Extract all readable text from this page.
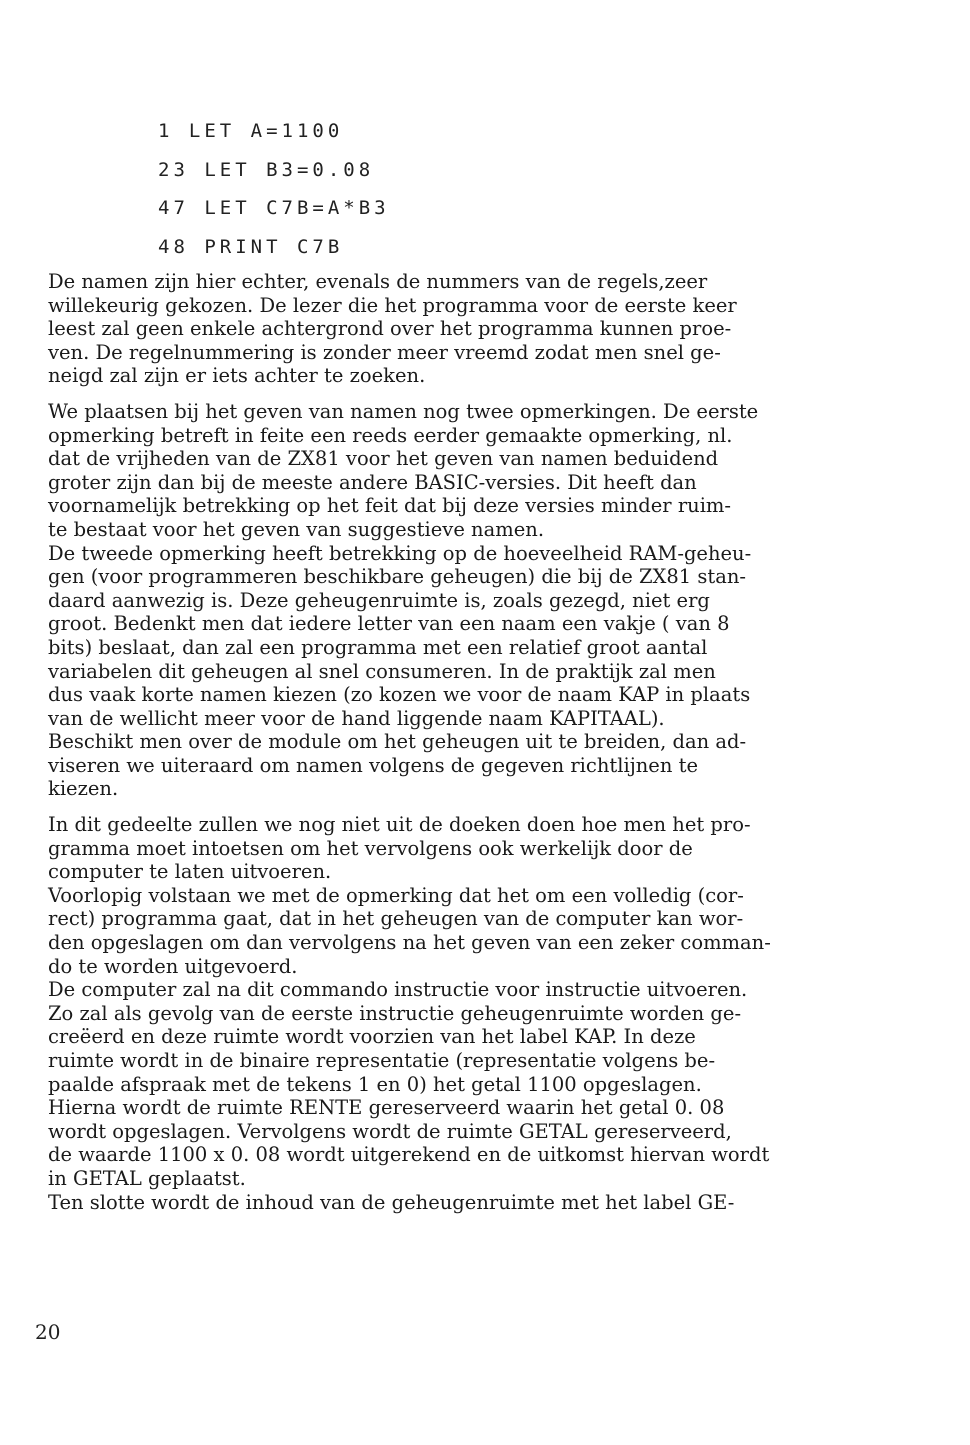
1 LET A=1100
23 LET B3=0.08
47 LET C7B=A*B3
48 PRINT C7B
De namen zijn hier echter, evenals de nummers van de regels,zeer
willekeurig gekozen. De lezer die het programma voor de eerste keer
leest zal geen enkele achtergrond over het programma kunnen proe-
ven. De regelnummering is zonder meer vreemd zodat men snel ge-
neigd zal zijn er iets achter te zoeken.
We plaatsen bij het geven van namen nog twee opmerkingen. De eerste
opmerking betreft in feite een reeds eerder gemaakte opmerking, nl.
dat de vrijheden van de ZX81 voor het geven van namen beduidend
groter zijn dan bij de meeste andere BASIC-versies. Dit heeft dan
voornamelijk betrekking op het feit dat bij deze versies minder ruim-
te bestaat voor het geven van suggestieve namen.
De tweede opmerking heeft betrekking op de hoeveelheid RAM-geheu-
gen (voor programmeren beschikbare geheugen) die bij de ZX81 stan-
daard aanwezig is. Deze geheugenruimte is, zoals gezegd, niet erg
groot. Bedenkt men dat iedere letter van een naam een vakje ( van 8
bits) beslaat, dan zal een programma met een relatief groot aantal
variabelen dit geheugen al snel consumeren. In de praktijk zal men
dus vaak korte namen kiezen (zo kozen we voor de naam KAP in plaats
van de wellicht meer voor de hand liggende naam KAPITAAL).
Beschikt men over de module om het geheugen uit te breiden, dan ad-
viseren we uiteraard om namen volgens de gegeven richtlijnen te
kiezen.
In dit gedeelte zullen we nog niet uit de doeken doen hoe men het pro-
gramma moet intoetsen om het vervolgens ook werkelijk door de
computer te laten uitvoeren.
Voorlopig volstaan we met de opmerking dat het om een volledig (cor-
rect) programma gaat, dat in het geheugen van de computer kan wor-
den opgeslagen om dan vervolgens na het geven van een zeker comman-
do te worden uitgevoerd.
De computer zal na dit commando instructie voor instructie uitvoeren.
Zo zal als gevolg van de eerste instructie geheugenruimte worden ge-
creëerd en deze ruimte wordt voorzien van het label KAP. In deze
ruimte wordt in de binaire representatie (representatie volgens be-
paalde afspraak met de tekens 1 en 0) het getal 1100 opgeslagen.
Hierna wordt de ruimte RENTE gereserveerd waarin het getal 0. 08
wordt opgeslagen. Vervolgens wordt de ruimte GETAL gereserveerd,
de waarde 1100 x 0. 08 wordt uitgerekend en de uitkomst hiervan wordt
in GETAL geplaatst.
Ten slotte wordt de inhoud van de geheugenruimte met het label GE-
20
